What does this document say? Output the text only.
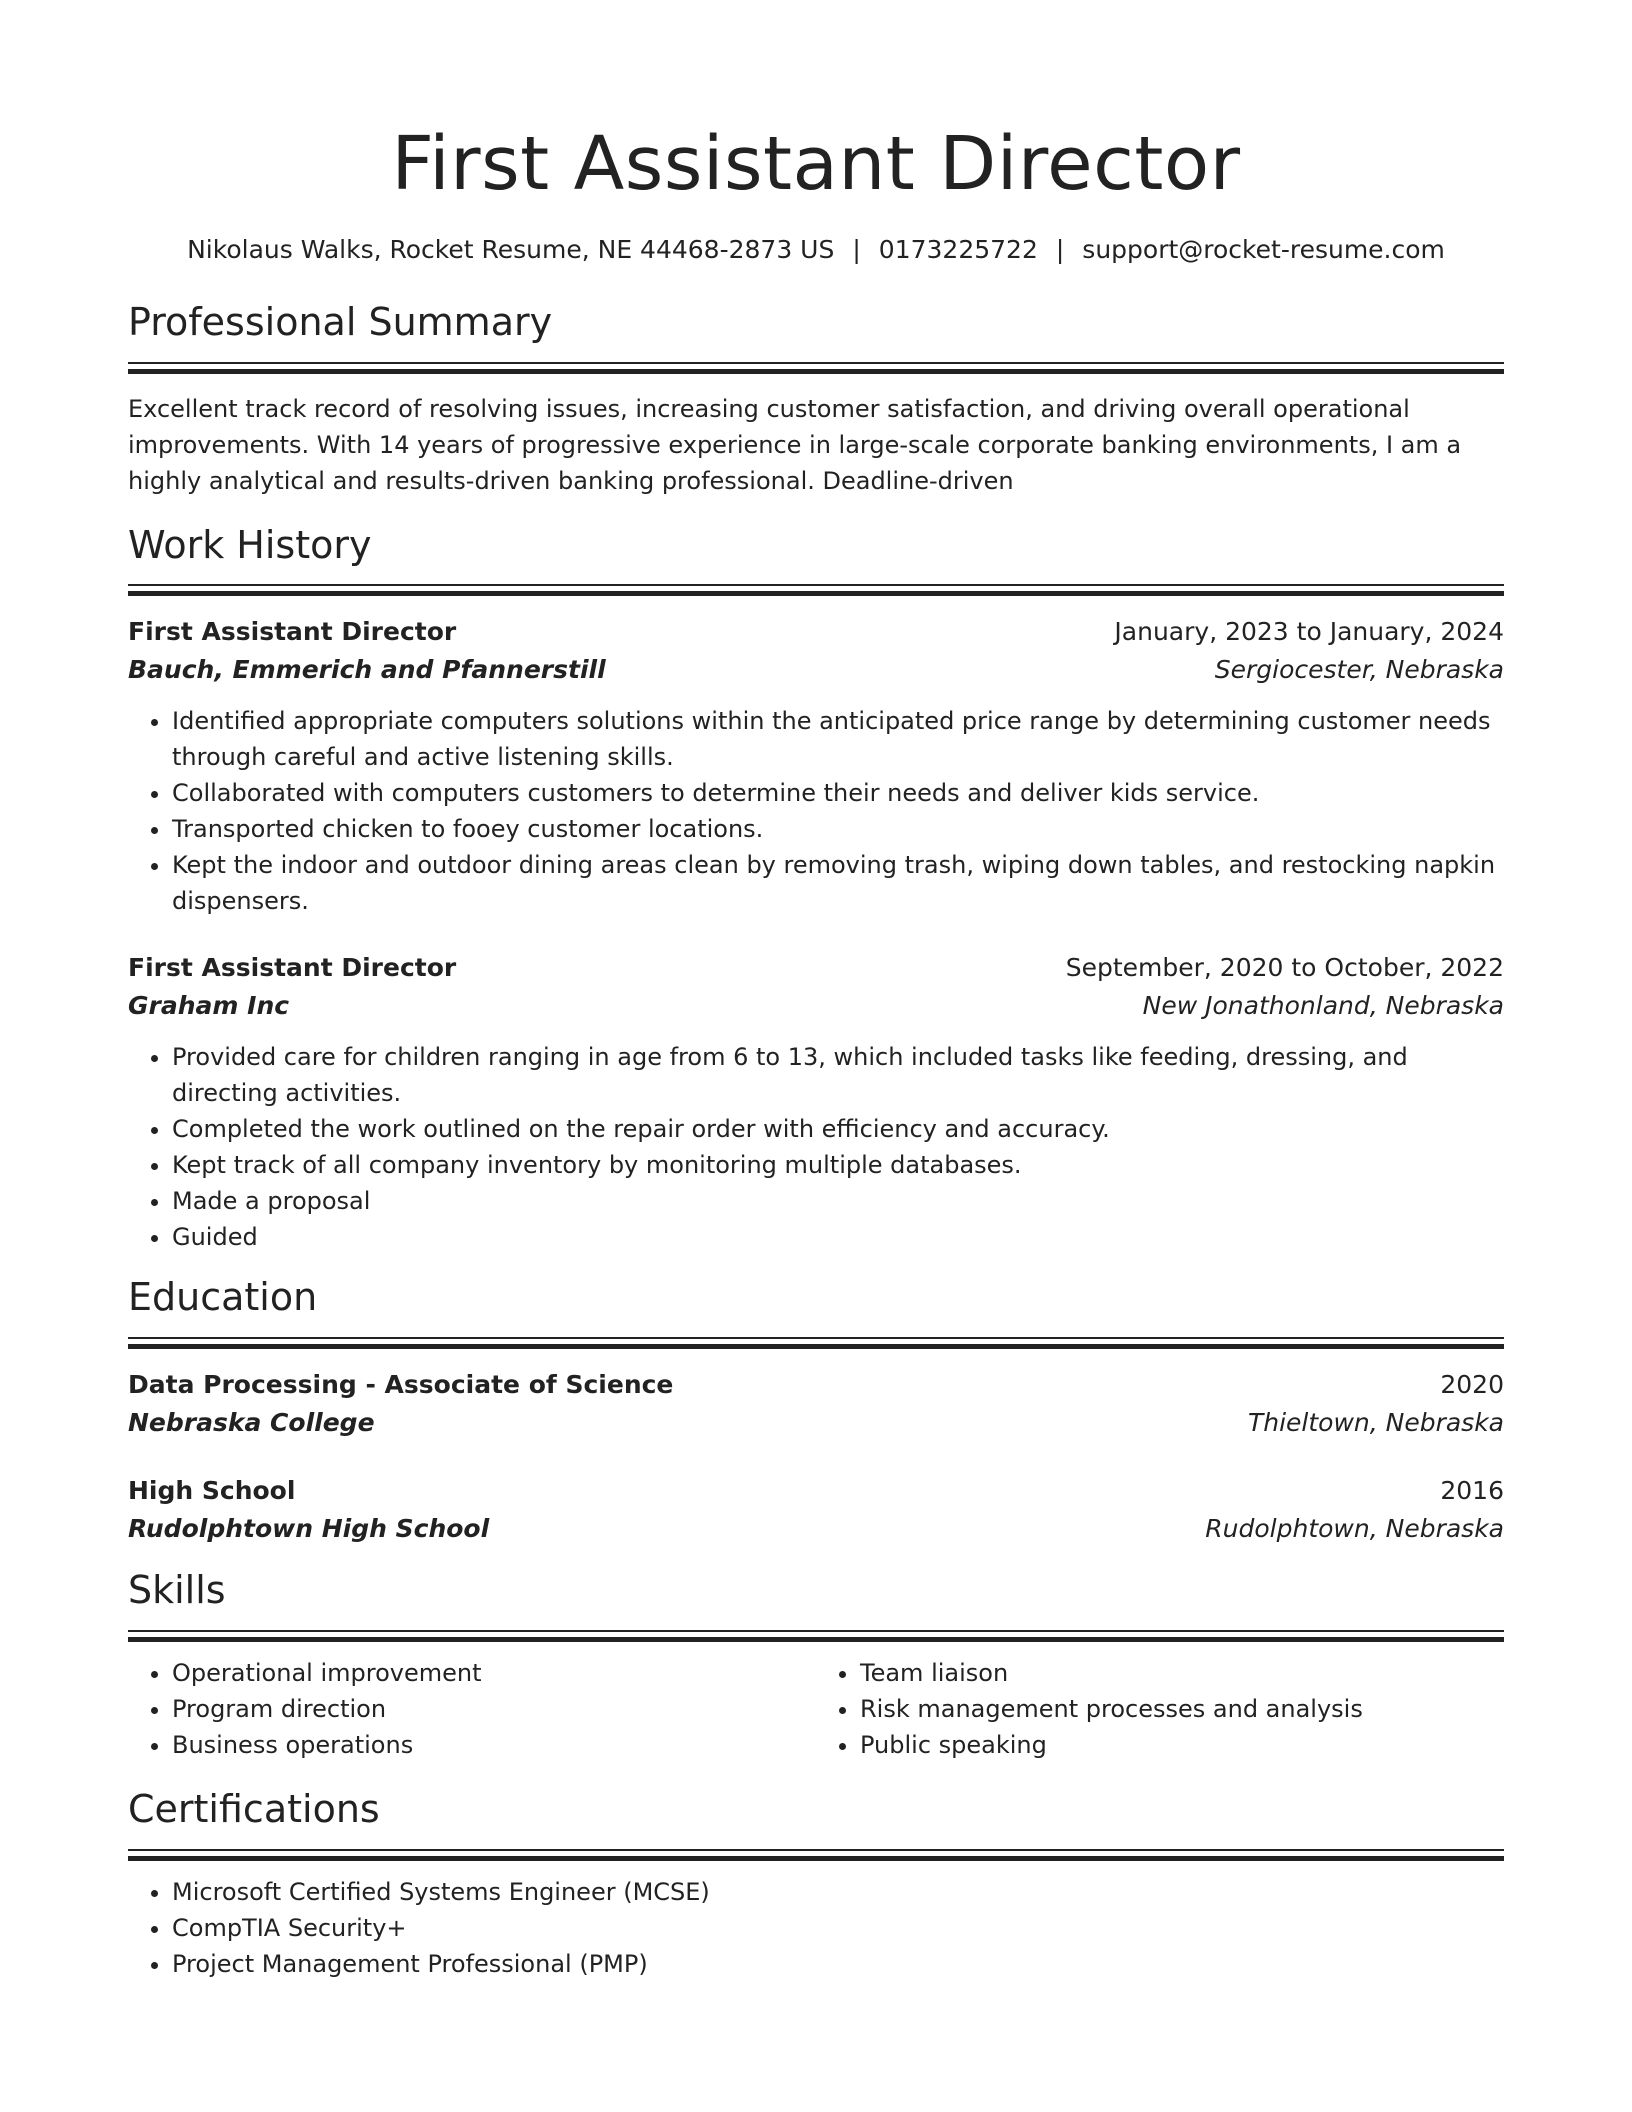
First Assistant Director
Nikolaus Walks, Rocket Resume, NE 44468-2873 US | 0173225722 | support@rocket-resume.com
Professional Summary
Excellent track record of resolving issues, increasing customer satisfaction, and driving overall operational improvements. With 14 years of progressive experience in large-scale corporate banking environments, I am a highly analytical and results-driven banking professional. Deadline-driven
Work History
First Assistant Director	January, 2023 to January, 2024
Bauch, Emmerich and Pfannerstill	Sergiocester, Nebraska
• Identified appropriate computers solutions within the anticipated price range by determining customer needs through careful and active listening skills.
• Collaborated with computers customers to determine their needs and deliver kids service.
• Transported chicken to fooey customer locations.
• Kept the indoor and outdoor dining areas clean by removing trash, wiping down tables, and restocking napkin dispensers.
First Assistant Director	September, 2020 to October, 2022
Graham Inc	New Jonathonland, Nebraska
• Provided care for children ranging in age from 6 to 13, which included tasks like feeding, dressing, and directing activities.
• Completed the work outlined on the repair order with efficiency and accuracy.
• Kept track of all company inventory by monitoring multiple databases.
• Made a proposal
• Guided
Education
Data Processing - Associate of Science	2020
Nebraska College	Thieltown, Nebraska
High School	2016
Rudolphtown High School	Rudolphtown, Nebraska
Skills
• Operational improvement
• Program direction
• Business operations
• Team liaison
• Risk management processes and analysis
• Public speaking
Certifications
• Microsoft Certified Systems Engineer (MCSE)
• CompTIA Security+
• Project Management Professional (PMP)
